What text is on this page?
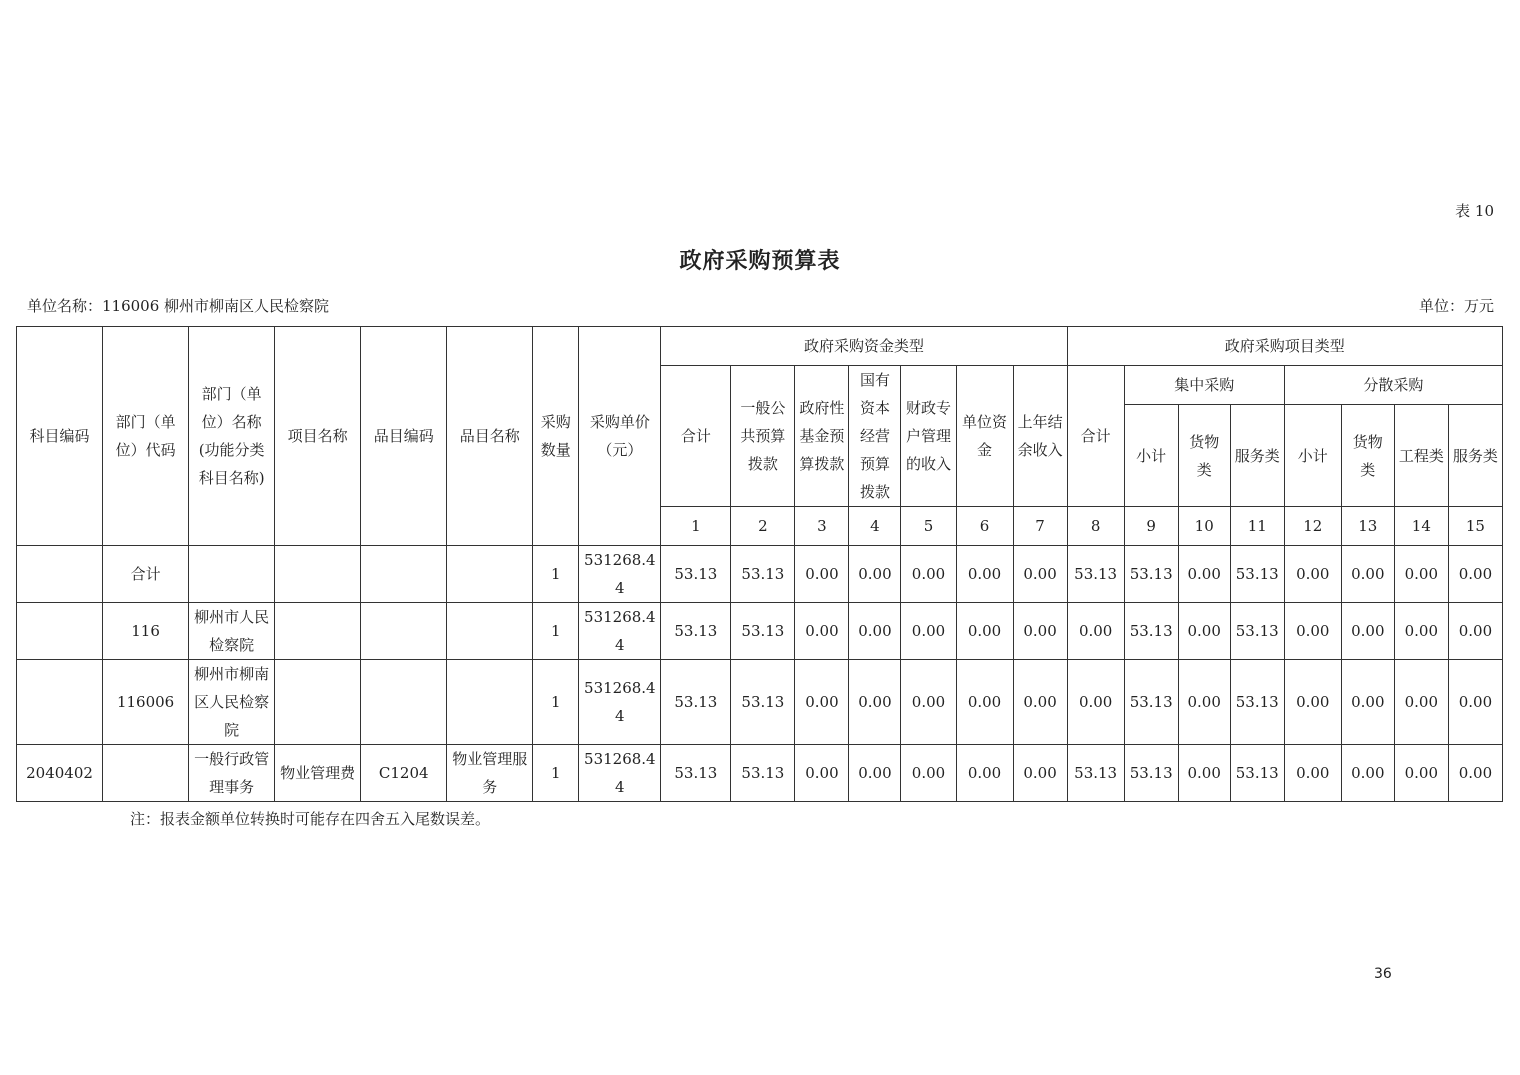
表 10
政府采购预算表
单位名称：116006 柳州市柳南区人民检察院	单位：万元
科目编码	部门（单位）代码	部门（单位）名称(功能分类科目名称)	项目名称	品目编码	品目名称	采购数量	采购单价（元）	政府采购资金类型							政府采购项目类型							
								合计	一般公共预算拨款	政府性基金预算拨款	国有资本经营预算拨款	财政专户管理的收入	单位资金	上年结余收入	合计	集中采购			分散采购			
																小计	货物类	服务类	小计	货物类	工程类	服务类
								1	2	3	4	5	6	7	8	9	10	11	12	13	14	15
	合计					1	531268.44	53.13	53.13	0.00	0.00	0.00	0.00	0.00	53.13	53.13	0.00	53.13	0.00	0.00	0.00	0.00
	116	柳州市人民检察院				1	531268.44	53.13	53.13	0.00	0.00	0.00	0.00	0.00	0.00	53.13	0.00	53.13	0.00	0.00	0.00	0.00
	116006	柳州市柳南区人民检察院				1	531268.44	53.13	53.13	0.00	0.00	0.00	0.00	0.00	0.00	53.13	0.00	53.13	0.00	0.00	0.00	0.00
2040402		一般行政管理事务	物业管理费	C1204	物业管理服务	1	531268.44	53.13	53.13	0.00	0.00	0.00	0.00	0.00	53.13	53.13	0.00	53.13	0.00	0.00	0.00	0.00
注：报表金额单位转换时可能存在四舍五入尾数误差。
36
